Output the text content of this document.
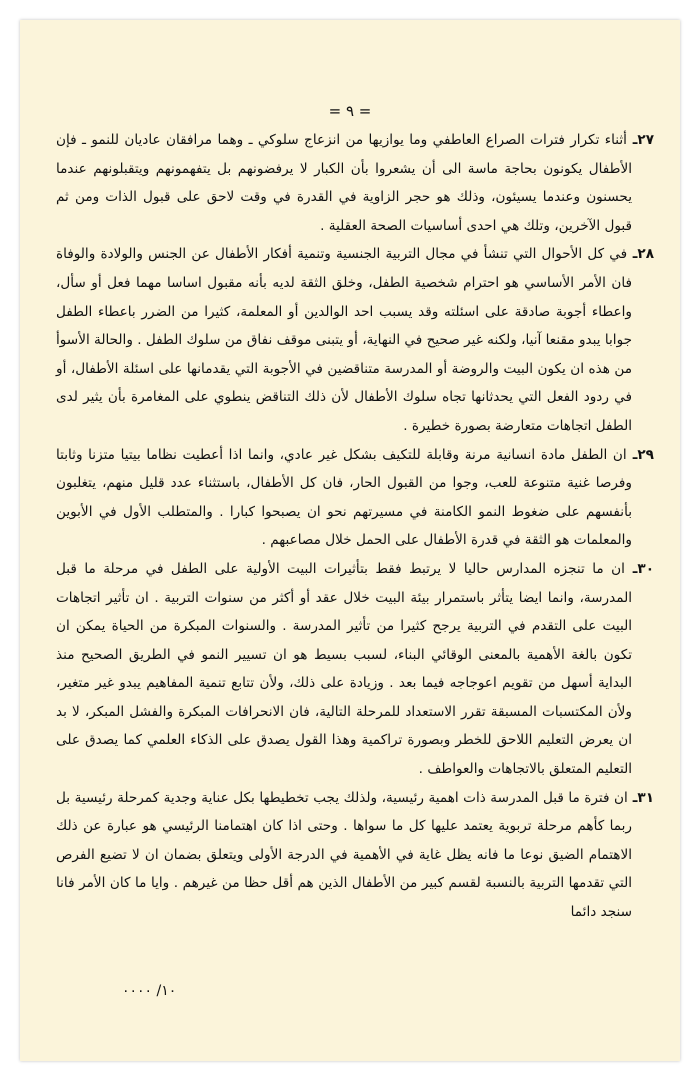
= ٩ =

٢٧ـ أثناء تكرار فترات الصراع العاطفي وما يوازيها من انزعاج سلوكي ـ وهما مرافقان عاديان للنمو ـ فإن الأطفال يكونون بحاجة ماسة الى أن يشعروا بأن الكبار لا يرفضونهم بل يتفهمونهم ويتقبلونهم عندما يحسنون وعندما يسيئون، وذلك هو حجر الزاوية في القدرة في وقت لاحق على قبول الذات ومن ثم قبول الآخرين، وتلك هي احدى أساسيات الصحة العقلية .

٢٨ـ في كل الأحوال التي تنشأ في مجال التربية الجنسية وتنمية أفكار الأطفال عن الجنس والولادة والوفاة فان الأمر الأساسي هو احترام شخصية الطفل، وخلق الثقة لديه بأنه مقبول اساسا مهما فعل أو سأل، واعطاء أجوبة صادقة على اسئلته وقد يسبب احد الوالدين أو المعلمة، كثيرا من الضرر باعطاء الطفل جوابا يبدو مقنعا آنيا، ولكنه غير صحيح في النهاية، أو يتبنى موقف نفاق من سلوك الطفل . والحالة الأسوأ من هذه ان يكون البيت والروضة أو المدرسة متناقضين في الأجوبة التي يقدمانها على اسئلة الأطفال، أو في ردود الفعل التي يحدثانها تجاه سلوك الأطفال لأن ذلك التناقض ينطوي على المغامرة بأن يثير لدى الطفل اتجاهات متعارضة بصورة خطيرة .

٢٩ـ ان الطفل مادة انسانية مرنة وقابلة للتكيف بشكل غير عادي، وانما اذا أعطيت نظاما بيتيا متزنا وثابتا وفرصا غنية متنوعة للعب، وجوا من القبول الحار، فان كل الأطفال، باستثناء عدد قليل منهم، يتغلبون بأنفسهم على ضغوط النمو الكامنة في مسيرتهم نحو ان يصبحوا كبارا . والمتطلب الأول في الأبوين والمعلمات هو الثقة في قدرة الأطفال على الحمل خلال مصاعبهم .

٣٠ـ ان ما تنجزه المدارس حاليا لا يرتبط فقط بتأثيرات البيت الأولية على الطفل في مرحلة ما قبل المدرسة، وانما ايضا يتأثر باستمرار بيئة البيت خلال عقد أو أكثر من سنوات التربية . ان تأثير اتجاهات البيت على التقدم في التربية يرجح كثيرا من تأثير المدرسة . والسنوات المبكرة من الحياة يمكن ان تكون بالغة الأهمية بالمعنى الوقائي البناء، لسبب بسيط هو ان تسيير النمو في الطريق الصحيح منذ البداية أسهل من تقويم اعوجاجه فيما بعد . وزيادة على ذلك، ولأن تتابع تنمية المفاهيم يبدو غير متغير، ولأن المكتسبات المسبقة تقرر الاستعداد للمرحلة التالية، فان الانحرافات المبكرة والفشل المبكر، لا بد ان يعرض التعليم اللاحق للخطر وبصورة تراكمية وهذا القول يصدق على الذكاء العلمي كما يصدق على التعليم المتعلق بالاتجاهات والعواطف .

٣١ـ ان فترة ما قبل المدرسة ذات اهمية رئيسية، ولذلك يجب تخطيطها بكل عناية وجدية كمرحلة رئيسية بل ربما كأهم مرحلة تربوية يعتمد عليها كل ما سواها . وحتى اذا كان اهتمامنا الرئيسي هو عبارة عن ذلك الاهتمام الضيق نوعا ما فانه يظل غاية في الأهمية في الدرجة الأولى ويتعلق بضمان ان لا تضيع الفرص التي تقدمها التربية بالنسبة لقسم كبير من الأطفال الذين هم أقل حظا من غيرهم . وايا ما كان الأمر فانا سنجد دائما

١٠/ ٠٠٠٠
